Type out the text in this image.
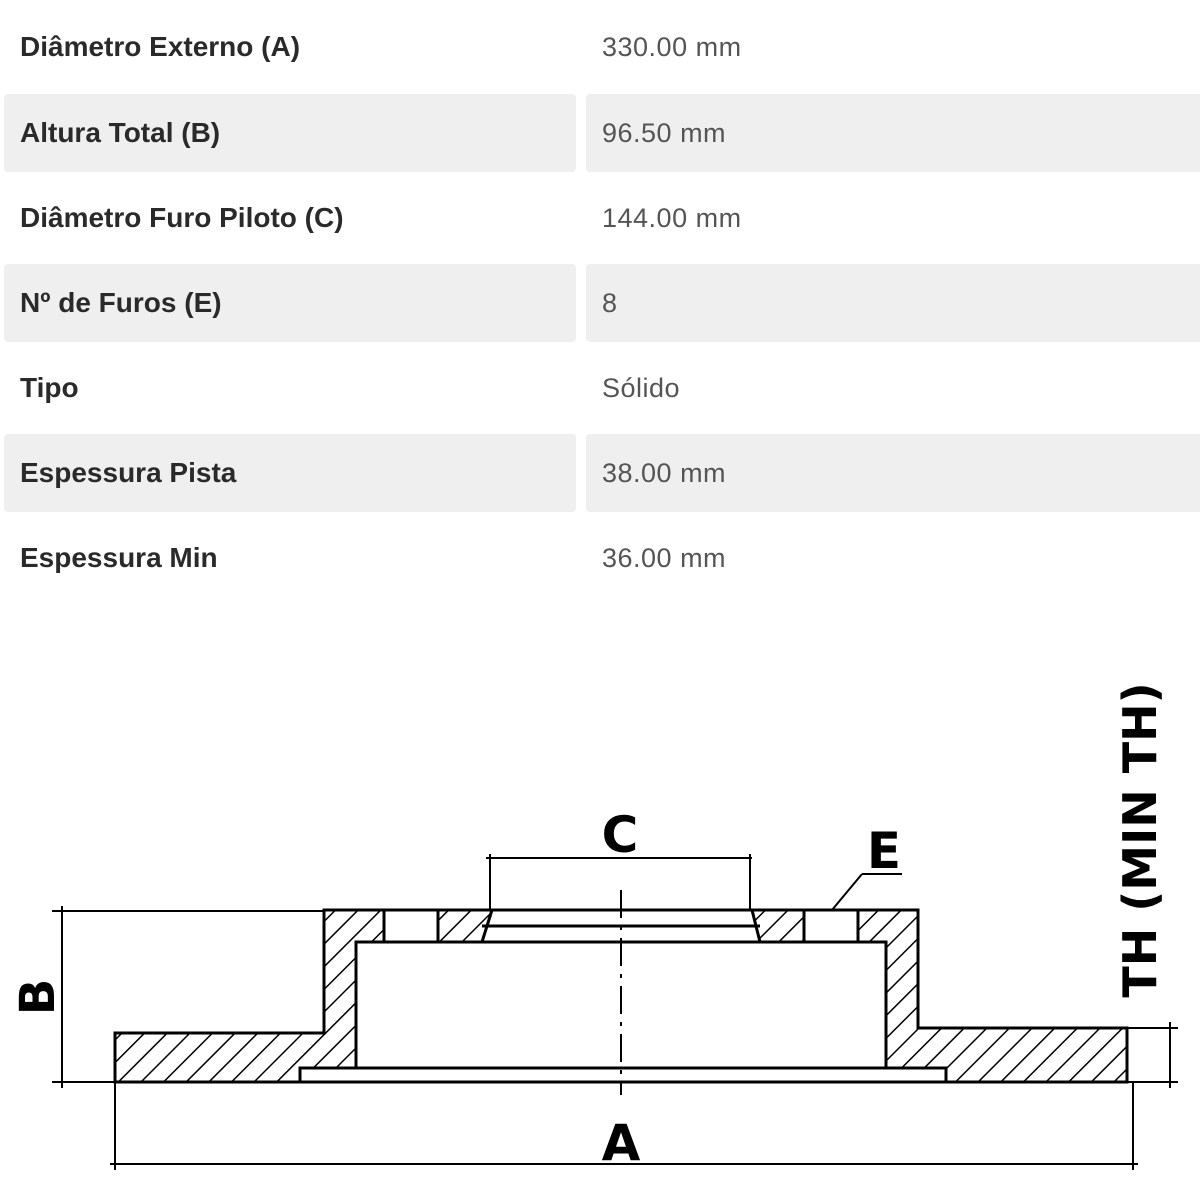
Diâmetro Externo (A)	330.00 mm
Altura Total (B)	96.50 mm
Diâmetro Furo Piloto (C)	144.00 mm
Nº de Furos (E)	8
Tipo	Sólido
Espessura Pista	38.00 mm
Espessura Min	36.00 mm
C	E
B
A
TH (MIN TH)
